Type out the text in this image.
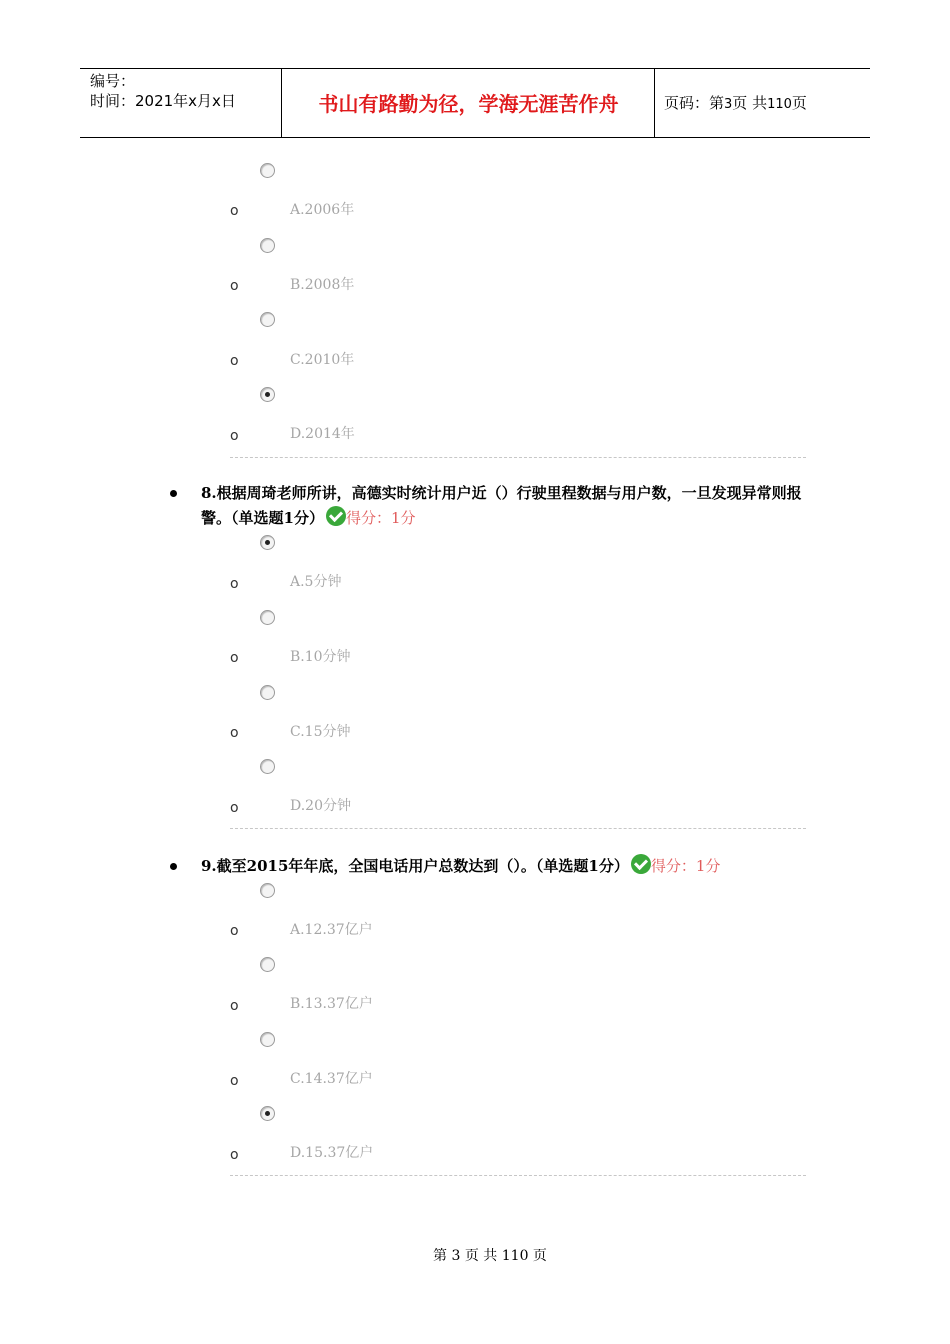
编号：
时间：2021年x月x日	书山有路勤为径，学海无涯苦作舟	页码：第3页 共110页
o	A.2006年
o	B.2008年
o	C.2010年
o	D.2014年
8.根据周琦老师所讲，高德实时统计用户近（）行驶里程数据与用户数，一旦发现异常则报警。（单选题1分） 得分：1分
o	A.5分钟
o	B.10分钟
o	C.15分钟
o	D.20分钟
9.截至2015年年底，全国电话用户总数达到（）。（单选题1分） 得分：1分
o	A.12.37亿户
o	B.13.37亿户
o	C.14.37亿户
o	D.15.37亿户
第 3 页 共 110 页
